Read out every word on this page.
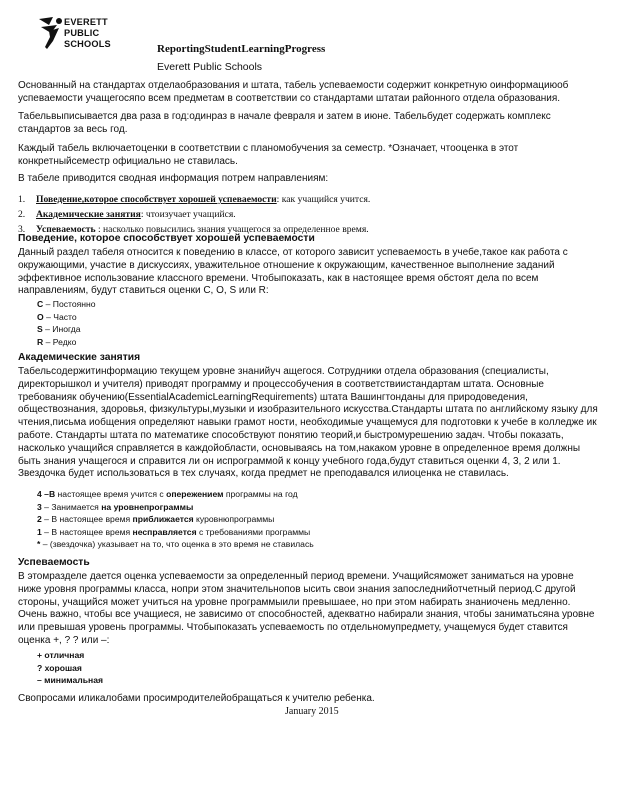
EVERETT
PUBLIC
SCHOOLS	ReportingStudentLearningProgress
Everett Public Schools

Основанный на стандартах отделаобразования и штата, табель успеваемости содержит конкретную оинформациюоб успеваемости учащегосяпо всем предметам в соответствии со стандартами штатаи районного отдела образования.

Табельвыписывается два раза в год:одинраз в начале февраля и затем в июне. Табельбудет содержать комплекс стандартов за весь год.

Каждый табель включаетоценки в соответствии с планомобучения за семестр. *Означает, чтооценка в этот конкретныйсеместр официально не ставилась.

В табеле приводится сводная информация потрем направлениям:

1. Поведение,которое способствует хорошей успеваемости: как учащийся учится.
2. Академические занятия: чтоизучает учащийся.
3. Успеваемость : насколько повысились знания учащегося за определенное время.
Поведение, которое способствует хорошей успеваемости

Данный раздел табеля относится к поведению в классе, от которого зависит успеваемость в учебе,такое как работа с окружающими, участие в дискуссиях, уважительное отношение к окружающим, качественное выполнение заданий эффективное использование классного времени. Чтобыпоказать, как в настоящее время обстоят дела по всем направлениям, будут ставиться оценки С, О, S или R:

C – Постоянно
O – Часто
S – Иногда
R – Редко
Академические занятия

Табельсодержитинформацию текущем уровне знанийуч ащегося. Сотрудники отдела образования (специалисты, директорышкол и учителя) приводят программу и процессобучения в соответствиистандартам штата. Основные требованияк обучению(EssentialAcademicLearningRequirements) штата Вашингтонданы для природоведения, обществознания, здоровья, физкультуры,музыки и изобразительного искусства.Стандарты штата по английскому языку для чтения,письма иобщения определяют навыки грамот ности, необходимые учащемуся для подготовки к учебе в колледже ик работе. Стандарты штата по математике способствуют понятию теорий,и быстромурешению задач. Чтобы показать, насколько учащийся справляется в каждойобласти, основываясь на том,накаком уровне в определенное время должны быть знания учащегося и справится ли он испрограммой к концу учебного года,будут ставиться оценки 4, 3, 2 или 1. Звездочка будет использоваться в тех случаях, когда предмет не преподавался илиоценка не ставилась.

4 –В настоящее время учится с опережением программы на год
3 – Занимается на уровнепрограммы
2 – В настоящее время приближается куровнюпрограммы
1 – В настоящее время несправляется с требованиями программы
* – (звездочка) указывает на то, что оценка в это время не ставилась
Успеваемость

В этомразделе дается оценка успеваемости за определенный период времени. Учащийсяможет заниматься на уровне ниже уровня программы класса, нопри этом значительнопов ысить свои знания запоследнийотчетный период.С другой стороны, учащийся может учиться на уровне программыили превышаее, но при этом набирать знаниочень медленно. Очень важно, чтобы все учащиеся, не зависимо от способностей, адекватно набирали знания, чтобы заниматьсяна уровне или превышая уровень программы. Чтобыпоказать успеваемость по отдельномупредмету, учащемуся будет ставится оценка +, ? ? или –:

+ отличная
? хорошая
– минимальная
Свопросами иликалобами просимродителейобращаться к учителю ребенка.
January 2015
